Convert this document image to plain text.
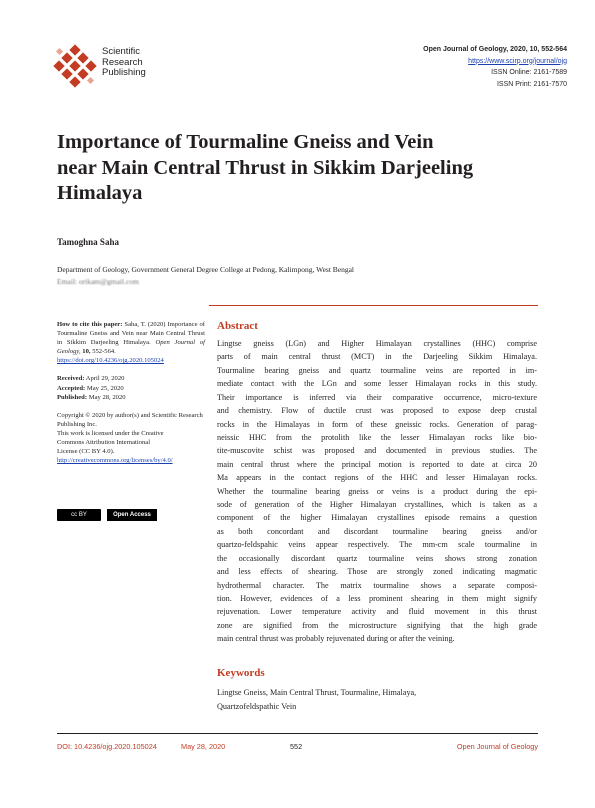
Scientific
Research
Publishing
Open Journal of Geology, 2020, 10, 552-564
https://www.scirp.org/journal/ojg
ISSN Online: 2161-7589
ISSN Print: 2161-7570
Importance of Tourmaline Gneiss and Vein
near Main Central Thrust in Sikkim Darjeeling
Himalaya
Tamoghna Saha
Department of Geology, Government General Degree College at Pedong, Kalimpong, West Bengal
Email: orikam@gmail.com

How to cite this paper: Saha, T. (2020) Importance of Tourmaline Gneiss and Vein near Main Central Thrust in Sikkim Darjeeling Himalaya. Open Journal of Geology, 10, 552-564.
https://doi.org/10.4236/ojg.2020.105024

Received: April 29, 2020
Accepted: May 25, 2020
Published: May 28, 2020

Copyright © 2020 by author(s) and Scientific Research Publishing Inc.
This work is licensed under the Creative
Commons Attribution International
License (CC BY 4.0).
http://creativecommons.org/licenses/by/4.0/

cc BY	Open Access
Abstract
Lingtse gneiss (LGn) and Higher Himalayan crystallines (HHC) comprise
parts of main central thrust (MCT) in the Darjeeling Sikkim Himalaya.
Tourmaline bearing gneiss and quartz tourmaline veins are reported in im-
mediate contact with the LGn and some lesser Himalayan rocks in this study.
Their importance is inferred via their comparative occurrence, micro-texture
and chemistry. Flow of ductile crust was proposed to expose deep crustal
rocks in the Himalayas in form of these gneissic rocks. Generation of parag-
neissic HHC from the protolith like the lesser Himalayan rocks like bio-
tite-muscovite schist was proposed and documented in previous studies. The
main central thrust where the principal motion is reported to date at circa 20
Ma appears in the contact regions of the HHC and lesser Himalayan rocks.
Whether the tourmaline bearing gneiss or veins is a product during the epi-
sode of generation of the Higher Himalayan crystallines, which is taken as a
component of the higher Himalayan crystallines episode remains a question
as both concordant and discordant tourmaline bearing gneiss and/or
quartzo-feldspahic veins appear respectively. The mm-cm scale tourmaline in
the occasionally discordant quartz tourmaline veins shows strong zonation
and less effects of shearing. Those are strongly zoned indicating magmatic
hydrothermal character. The matrix tourmaline shows a separate composi-
tion. However, evidences of a less prominent shearing in them might signify
rejuvenation. Lower temperature activity and fluid movement in this thrust
zone are signified from the microstructure signifying that the high grade
main central thrust was probably rejuvenated during or after the veining.
Keywords
Lingtse Gneiss, Main Central Thrust, Tourmaline, Himalaya,
Quartzofeldspathic Vein
DOI: 10.4236/ojg.2020.105024	May 28, 2020	552	Open Journal of Geology
